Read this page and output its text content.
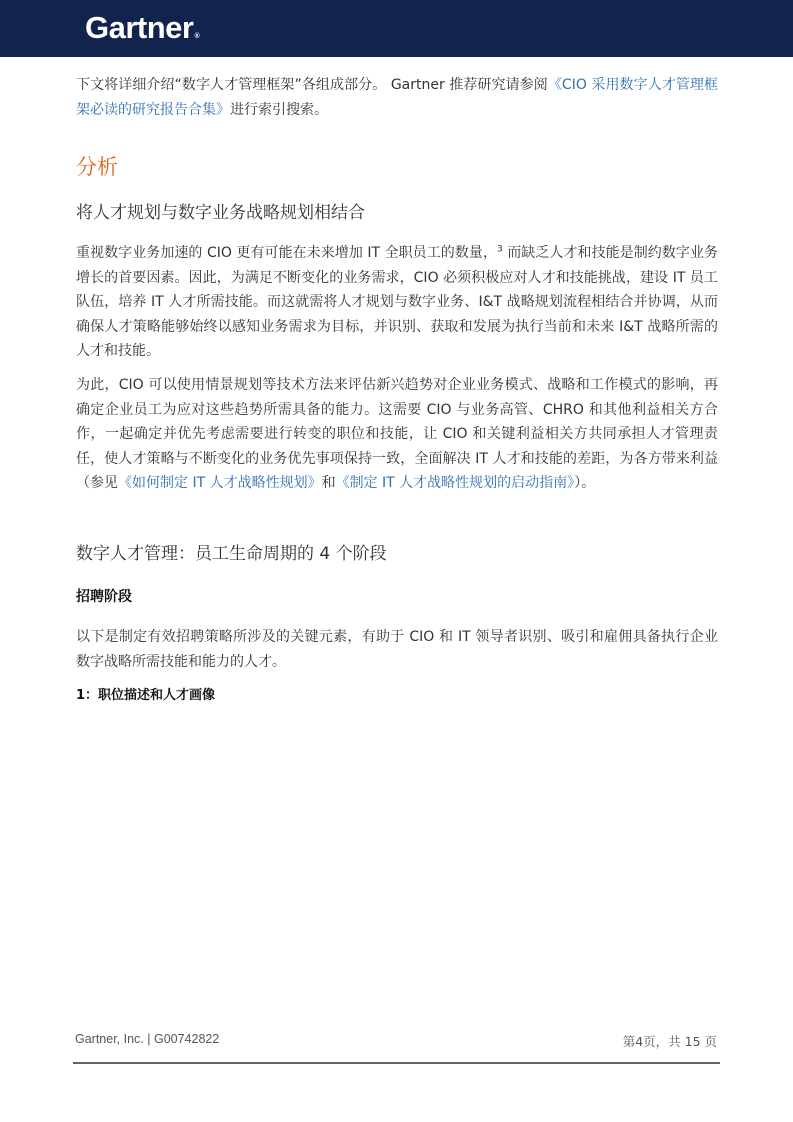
Gartner®

下文将详细介绍“数字人才管理框架”各组成部分。 Gartner 推荐研究请参阅《CIO 采用数字人才管理框架必读的研究报告合集》进行索引搜索。

分析
将人才规划与数字业务战略规划相结合

重视数字业务加速的 CIO 更有可能在未来增加 IT 全职员工的数量，$^3$ 而缺乏人才和技能是制约数字业务增长的首要因素。因此，为满足不断变化的业务需求，CIO 必须积极应对人才和技能挑战，建设 IT 员工队伍，培养 IT 人才所需技能。而这就需将人才规划与数字业务、I&T 战略规划流程相结合并协调，从而确保人才策略能够始终以感知业务需求为目标，并识别、获取和发展为执行当前和未来 I&T 战略所需的人才和技能。

为此，CIO 可以使用情景规划等技术方法来评估新兴趋势对企业业务模式、战略和工作模式的影响，再确定企业员工为应对这些趋势所需具备的能力。这需要 CIO 与业务高管、CHRO 和其他利益相关方合作，一起确定并优先考虑需要进行转变的职位和技能，让 CIO 和关键利益相关方共同承担人才管理责任，使人才策略与不断变化的业务优先事项保持一致，全面解决 IT 人才和技能的差距，为各方带来利益（参见《如何制定 IT 人才战略性规划》和《制定 IT 人才战略性规划的启动指南》）。

数字人才管理：员工生命周期的 4 个阶段
招聘阶段

以下是制定有效招聘策略所涉及的关键元素，有助于 CIO 和 IT 领导者识别、吸引和雇佣具备执行企业数字战略所需技能和能力的人才。

1：职位描述和人才画像
Gartner, Inc. | G00742822	第4页，共 15 页
